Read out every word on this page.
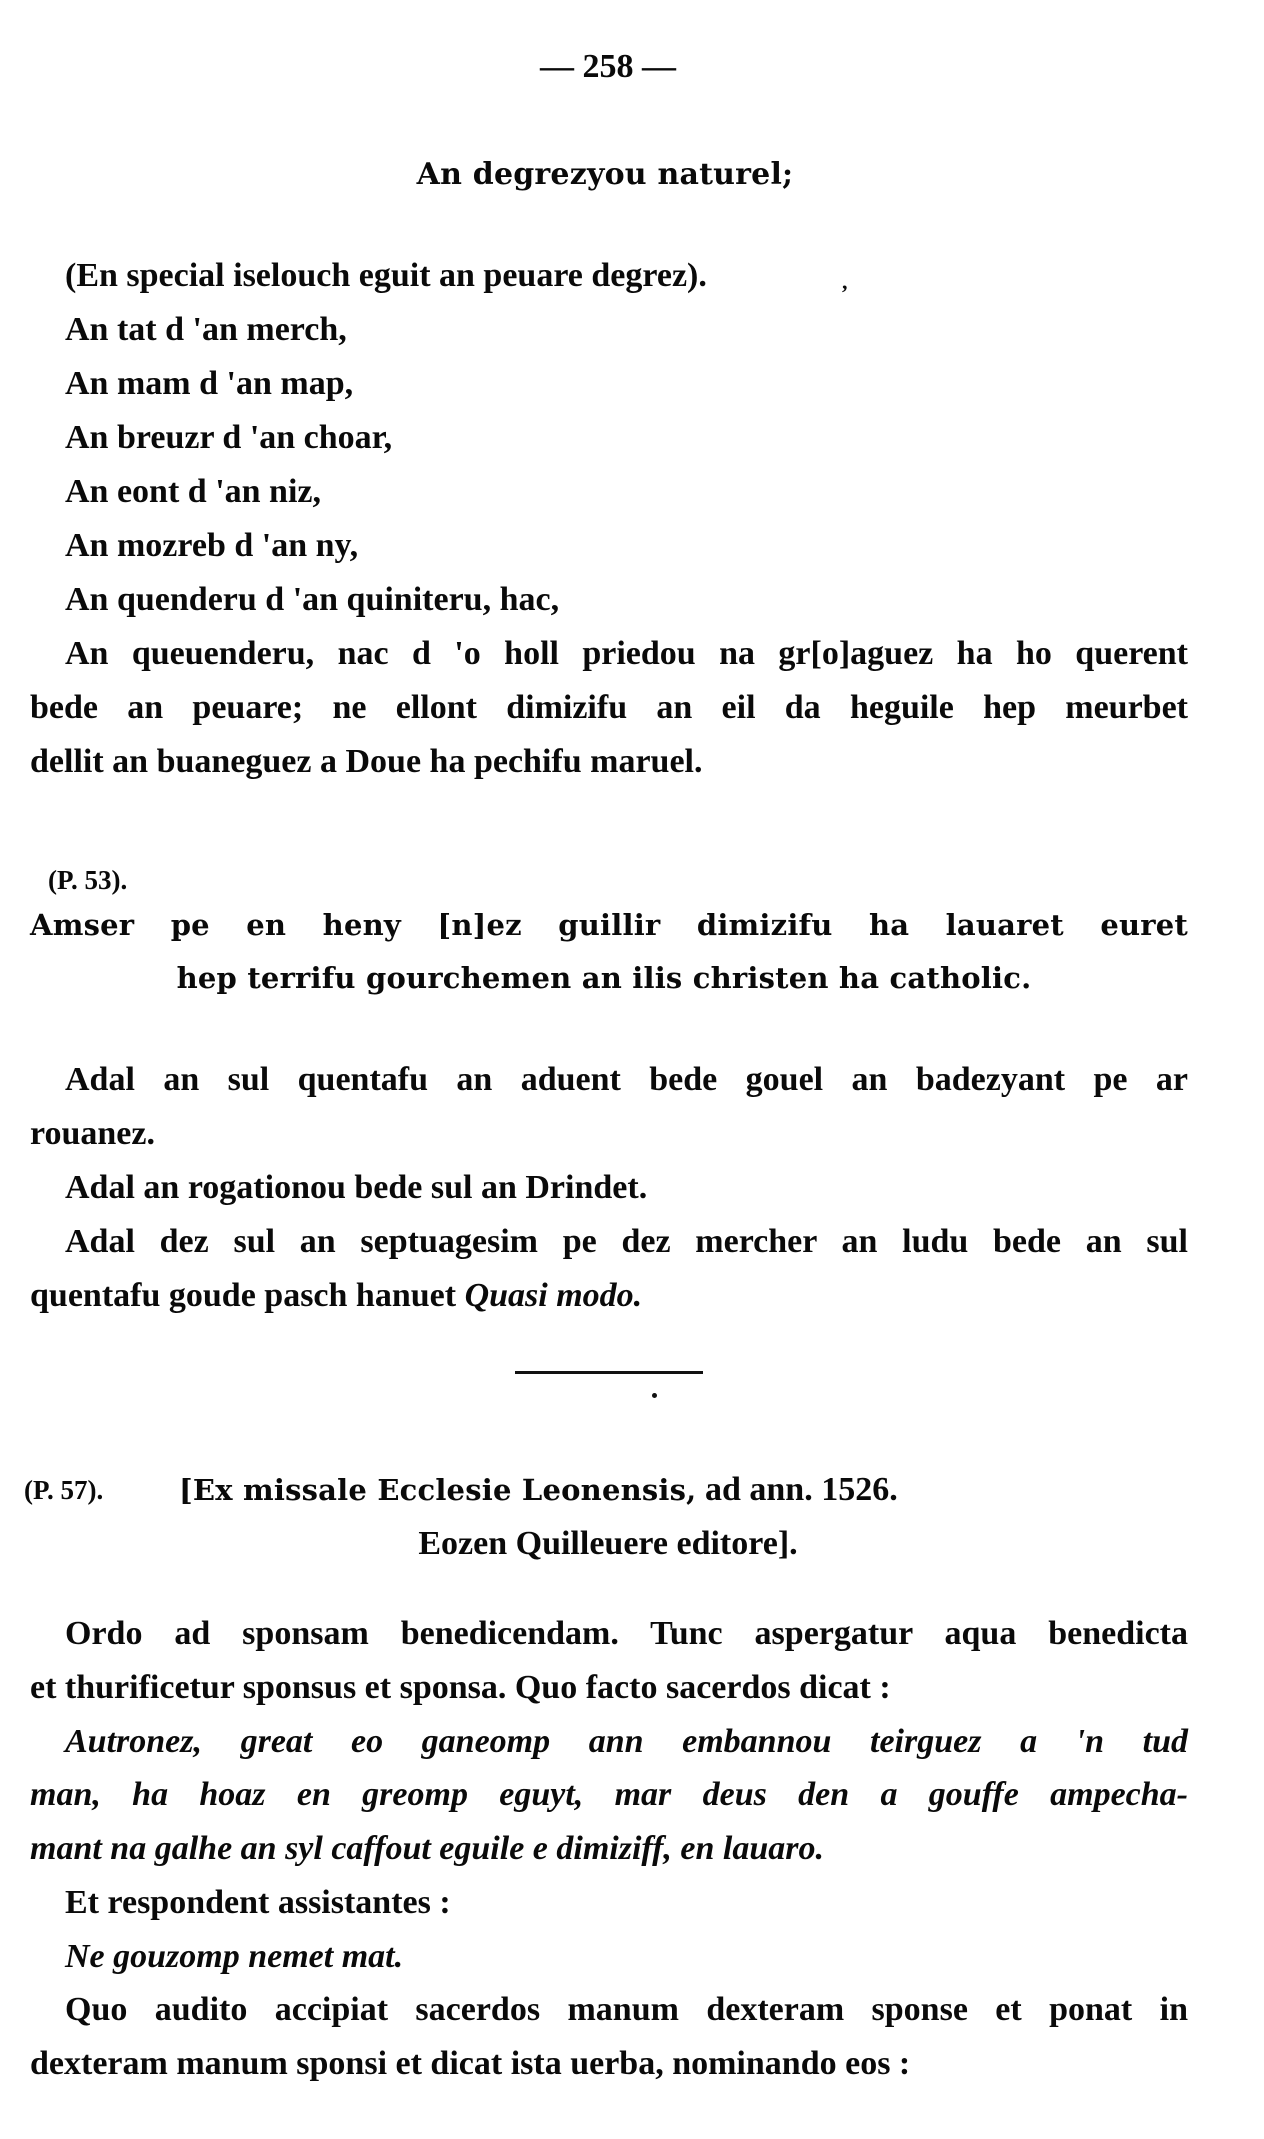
— 258 —
An degrezyou naturel;
,
(En special iselouch eguit an peuare degrez).
An tat d 'an merch,
An mam d 'an map,
An breuzr d 'an choar,
An eont d 'an niz,
An mozreb d 'an ny,
An quenderu d 'an quiniteru, hac,
An queuenderu, nac d 'o holl priedou na gr[o]aguez ha ho querent
bede an peuare; ne ellont dimizifu an eil da heguile hep meurbet
dellit an buaneguez a Doue ha pechifu maruel.
(P. 53).
Amser pe en heny [n]ez guillir dimizifu ha lauaret euret
hep terrifu gourchemen an ilis christen ha catholic.
Adal an sul quentafu an aduent bede gouel an badezyant pe ar
rouanez.
Adal an rogationou bede sul an Drindet.
Adal dez sul an septuagesim pe dez mercher an ludu bede an sul
quentafu goude pasch hanuet Quasi modo.
(P. 57).	[Ex missale Ecclesie Leonensis, ad ann. 1526.
Eozen Quilleuere editore].
Ordo ad sponsam benedicendam. Tunc aspergatur aqua benedicta
et thurificetur sponsus et sponsa. Quo facto sacerdos dicat :
Autronez, great eo ganeomp ann embannou teirguez a 'n tud
man, ha hoaz en greomp eguyt, mar deus den a gouffe ampecha-
mant na galhe an syl caffout eguile e dimiziff, en lauaro.
Et respondent assistantes :
Ne gouzomp nemet mat.
Quo audito accipiat sacerdos manum dexteram sponse et ponat in
dexteram manum sponsi et dicat ista uerba, nominando eos :
